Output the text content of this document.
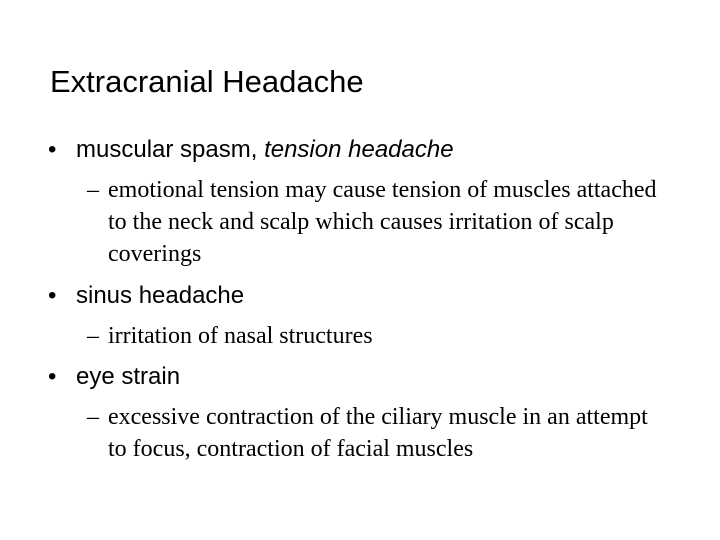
Extracranial Headache
• muscular spasm, tension headache
– emotional tension may cause tension of muscles attached to the neck and scalp which causes irritation of scalp coverings
• sinus headache
– irritation of nasal structures
• eye strain
– excessive contraction of the ciliary muscle in an attempt to focus, contraction of facial muscles
